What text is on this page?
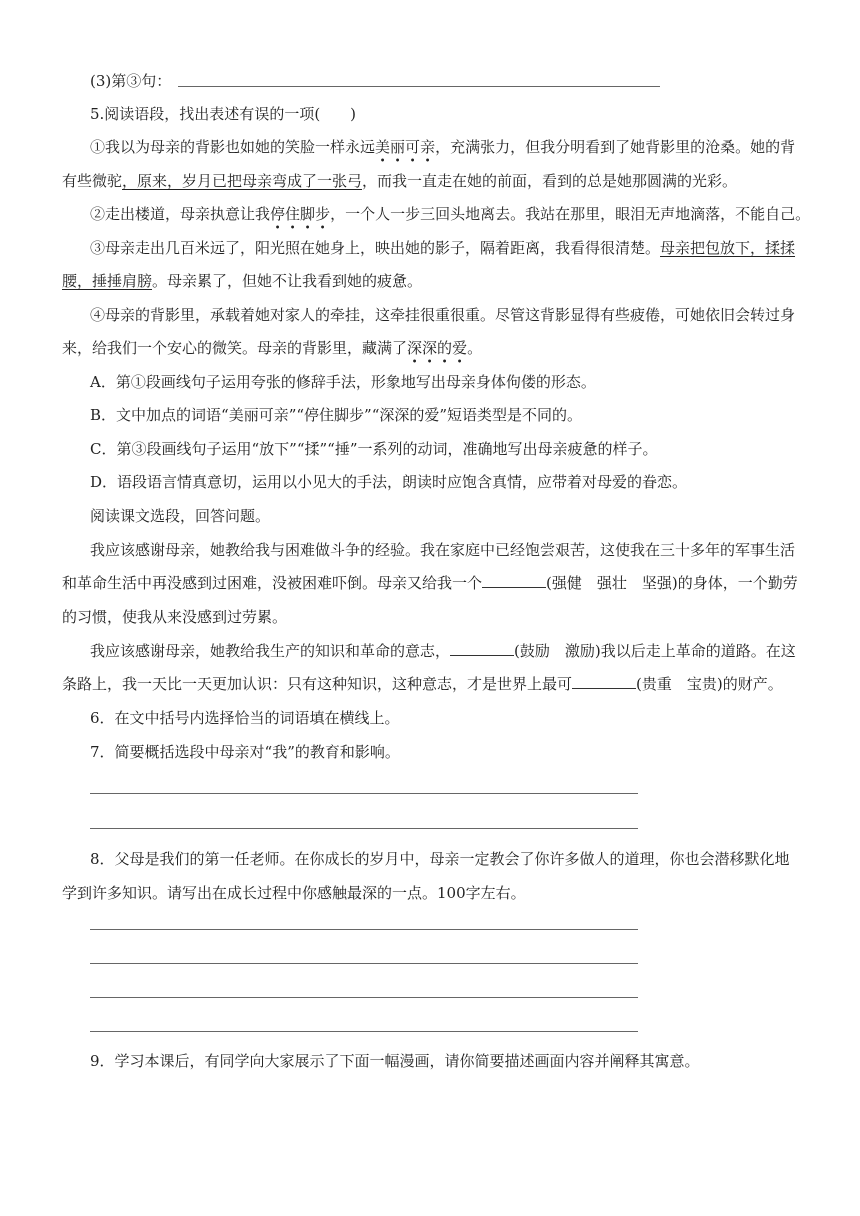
(3)第③句：
5.阅读语段，找出表述有误的一项(　　)
①我以为母亲的背影也如她的笑脸一样永远美丽可亲，充满张力，但我分明看到了她背影里的沧桑。她的背
有些微驼，原来，岁月已把母亲弯成了一张弓，而我一直走在她的前面，看到的总是她那圆满的光彩。
②走出楼道，母亲执意让我停住脚步，一个人一步三回头地离去。我站在那里，眼泪无声地滴落，不能自己。
③母亲走出几百米远了，阳光照在她身上，映出她的影子，隔着距离，我看得很清楚。母亲把包放下，揉揉
腰，捶捶肩膀。母亲累了，但她不让我看到她的疲惫。
④母亲的背影里，承载着她对家人的牵挂，这牵挂很重很重。尽管这背影显得有些疲倦，可她依旧会转过身
来，给我们一个安心的微笑。母亲的背影里，藏满了深深的爱。
A．第①段画线句子运用夸张的修辞手法，形象地写出母亲身体佝偻的形态。
B．文中加点的词语“美丽可亲”“停住脚步”“深深的爱”短语类型是不同的。
C．第③段画线句子运用“放下”“揉”“捶”一系列的动词，准确地写出母亲疲惫的样子。
D．语段语言情真意切，运用以小见大的手法，朗读时应饱含真情，应带着对母爱的眷恋。
阅读课文选段，回答问题。
我应该感谢母亲，她教给我与困难做斗争的经验。我在家庭中已经饱尝艰苦，这使我在三十多年的军事生活
和革命生活中再没感到过困难，没被困难吓倒。母亲又给我一个	(强健　强壮　坚强)的身体，一个勤劳
的习惯，使我从来没感到过劳累。
我应该感谢母亲，她教给我生产的知识和革命的意志，	(鼓励　激励)我以后走上革命的道路。在这
条路上，我一天比一天更加认识：只有这种知识，这种意志，才是世界上最可	(贵重　宝贵)的财产。
6．在文中括号内选择恰当的词语填在横线上。
7．简要概括选段中母亲对“我”的教育和影响。
8．父母是我们的第一任老师。在你成长的岁月中，母亲一定教会了你许多做人的道理，你也会潜移默化地
学到许多知识。请写出在成长过程中你感触最深的一点。100字左右。
9．学习本课后，有同学向大家展示了下面一幅漫画，请你简要描述画面内容并阐释其寓意。
